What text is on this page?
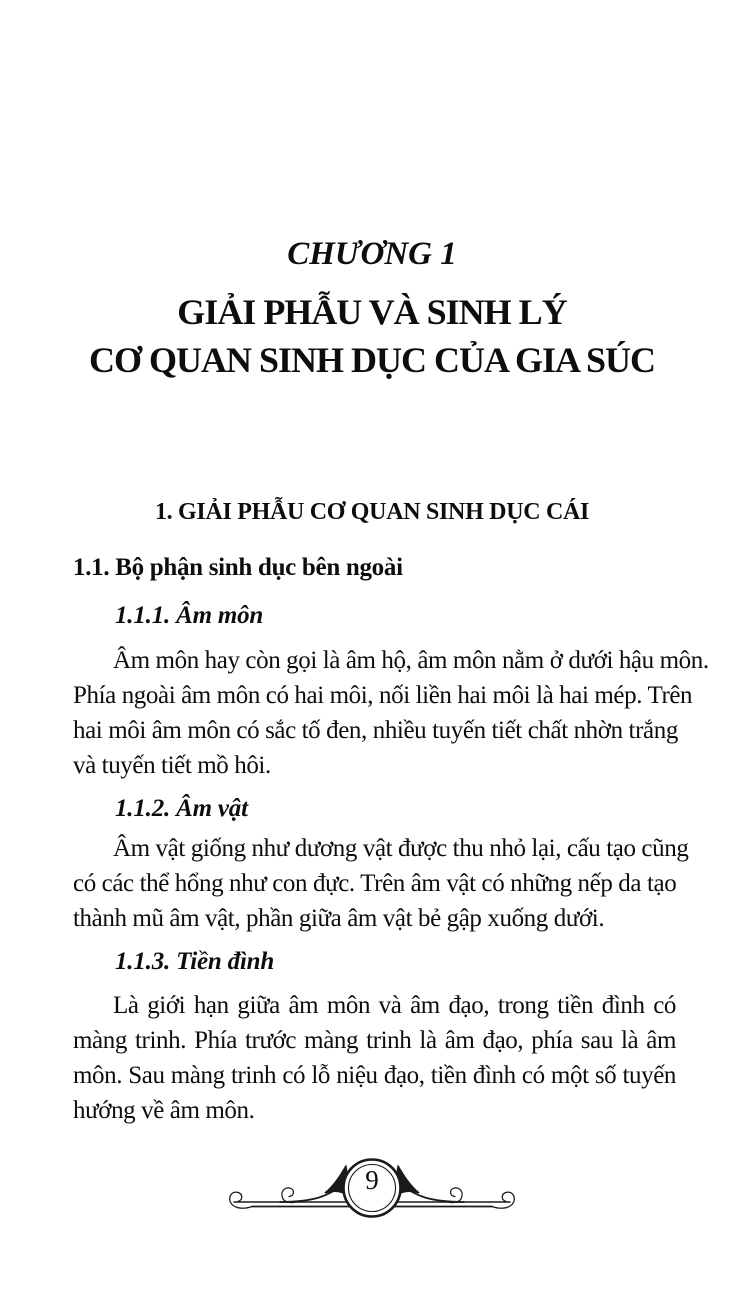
CHƯƠNG 1
GIẢI PHẪU VÀ SINH LÝ
CƠ QUAN SINH DỤC CỦA GIA SÚC
1. GIẢI PHẪU CƠ QUAN SINH DỤC CÁI
1.1. Bộ phận sinh dục bên ngoài
1.1.1. Âm môn
Âm môn hay còn gọi là âm hộ, âm môn nằm ở dưới hậu môn.
Phía ngoài âm môn có hai môi, nối liền hai môi là hai mép. Trên
hai môi âm môn có sắc tố đen, nhiều tuyến tiết chất nhờn trắng
và tuyến tiết mồ hôi.
1.1.2. Âm vật
Âm vật giống như dương vật được thu nhỏ lại, cấu tạo cũng
có các thể hổng như con đực. Trên âm vật có những nếp da tạo
thành mũ âm vật, phần giữa âm vật bẻ gập xuống dưới.
1.1.3. Tiền đình
Là giới hạn giữa âm môn và âm đạo, trong tiền đình có
màng trinh. Phía trước màng trinh là âm đạo, phía sau là âm
môn. Sau màng trinh có lỗ niệu đạo, tiền đình có một số tuyến
hướng về âm môn.
9
